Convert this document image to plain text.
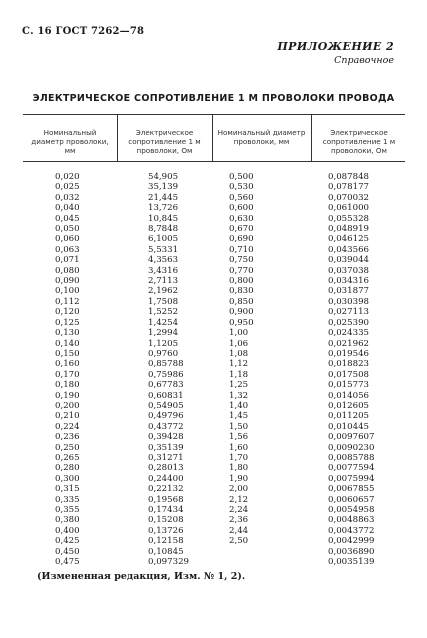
С. 16 ГОСТ 7262—78
ПРИЛОЖЕНИЕ 2
Справочное
ЭЛЕКТРИЧЕСКОЕ СОПРОТИВЛЕНИЕ 1 М ПРОВОЛОКИ ПРОВОДА
Номинальный диаметр проволоки, мм
Электрическое сопротивление 1 м проволоки, Ом
Номинальный диаметр проволоки, мм
Электрическое сопротивление 1 м проволоки, Ом
0,020
0,025
0,032
0,040
0,045
0,050
0,060
0,063
0,071
0,080
0,090
0,100
0,112
0,120
0,125
0,130
0,140
0,150
0,160
0,170
0,180
0,190
0,200
0,210
0,224
0,236
0,250
0,265
0,280
0,300
0,315
0,335
0,355
0,380
0,400
0,425
0,450
0,475
54,905
35,139
21,445
13,726
10,845
8,7848
6,1005
5,5331
4,3563
3,4316
2,7113
2,1962
1,7508
1,5252
1,4254
1,2994
1,1205
0,9760
0,85788
0,75986
0,67783
0,60831
0,54905
0,49796
0,43772
0,39428
0,35139
0,31271
0,28013
0,24400
0,22132
0,19568
0,17434
0,15208
0,13726
0,12158
0,10845
0,097329
0,500
0,530
0,560
0,600
0,630
0,670
0,690
0,710
0,750
0,770
0,800
0,830
0,850
0,900
0,950
1,00
1,06
1,08
1,12
1,18
1,25
1,32
1,40
1,45
1,50
1,56
1,60
1,70
1,80
1,90
2,00
2,12
2,24
2,36
2,44
2,50
0,087848
0,078177
0,070032
0,061000
0,055328
0,048919
0,046125
0,043566
0,039044
0,037038
0,034316
0,031877
0,030398
0,027113
0,025390
0,024335
0,021962
0,019546
0,018823
0,017508
0,015773
0,014056
0,012605
0,011205
0,010445
0,0097607
0,0090230
0,0085788
0,0077594
0,0075994
0,0067855
0,0060657
0,0054958
0,0048863
0,0043772
0,0042999
0,0036890
0,0035139
(Измененная редакция, Изм. № 1, 2).
